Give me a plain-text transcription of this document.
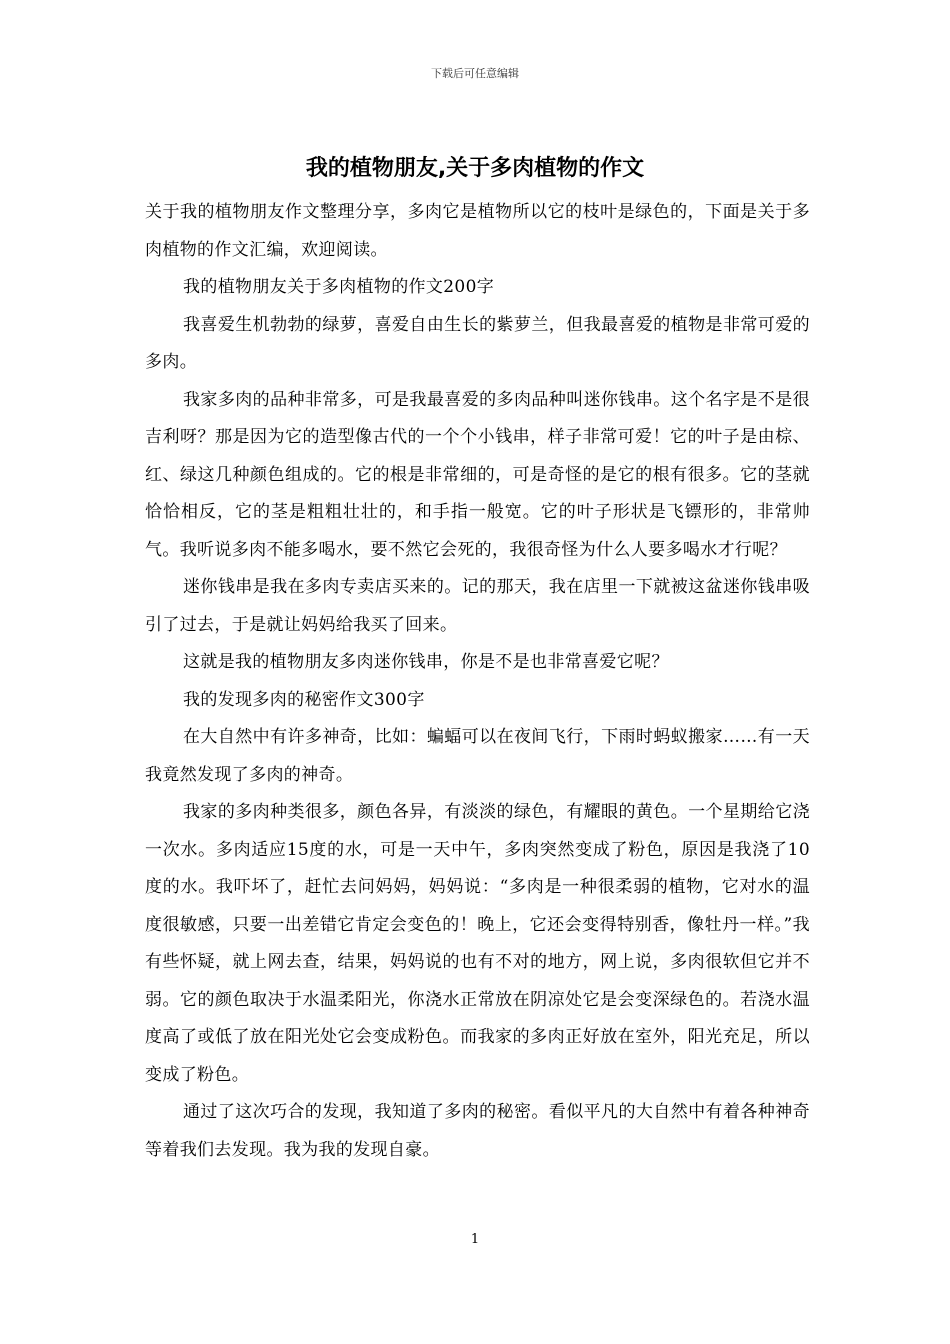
下载后可任意编辑
我的植物朋友,关于多肉植物的作文

关于我的植物朋友作文整理分享，多肉它是植物所以它的枝叶是绿色的，下面是关于多肉植物的作文汇编，欢迎阅读。

我的植物朋友关于多肉植物的作文200字

我喜爱生机勃勃的绿萝，喜爱自由生长的紫萝兰，但我最喜爱的植物是非常可爱的多肉。

我家多肉的品种非常多，可是我最喜爱的多肉品种叫迷你钱串。这个名字是不是很吉利呀？那是因为它的造型像古代的一个个小钱串，样子非常可爱！它的叶子是由棕、红、绿这几种颜色组成的。它的根是非常细的，可是奇怪的是它的根有很多。它的茎就恰恰相反，它的茎是粗粗壮壮的，和手指一般宽。它的叶子形状是飞镖形的，非常帅气。我听说多肉不能多喝水，要不然它会死的，我很奇怪为什么人要多喝水才行呢？

迷你钱串是我在多肉专卖店买来的。记的那天，我在店里一下就被这盆迷你钱串吸引了过去，于是就让妈妈给我买了回来。

这就是我的植物朋友多肉迷你钱串，你是不是也非常喜爱它呢？

我的发现多肉的秘密作文300字

在大自然中有许多神奇，比如：蝙蝠可以在夜间飞行，下雨时蚂蚁搬家……有一天我竟然发现了多肉的神奇。

我家的多肉种类很多，颜色各异，有淡淡的绿色，有耀眼的黄色。一个星期给它浇一次水。多肉适应15度的水，可是一天中午，多肉突然变成了粉色，原因是我浇了10度的水。我吓坏了，赶忙去问妈妈，妈妈说：“多肉是一种很柔弱的植物，它对水的温度很敏感，只要一出差错它肯定会变色的！晚上，它还会变得特别香，像牡丹一样。”我有些怀疑，就上网去查，结果，妈妈说的也有不对的地方，网上说，多肉很软但它并不弱。它的颜色取决于水温柔阳光，你浇水正常放在阴凉处它是会变深绿色的。若浇水温度高了或低了放在阳光处它会变成粉色。而我家的多肉正好放在室外，阳光充足，所以变成了粉色。

通过了这次巧合的发现，我知道了多肉的秘密。看似平凡的大自然中有着各种神奇等着我们去发现。我为我的发现自豪。

1
